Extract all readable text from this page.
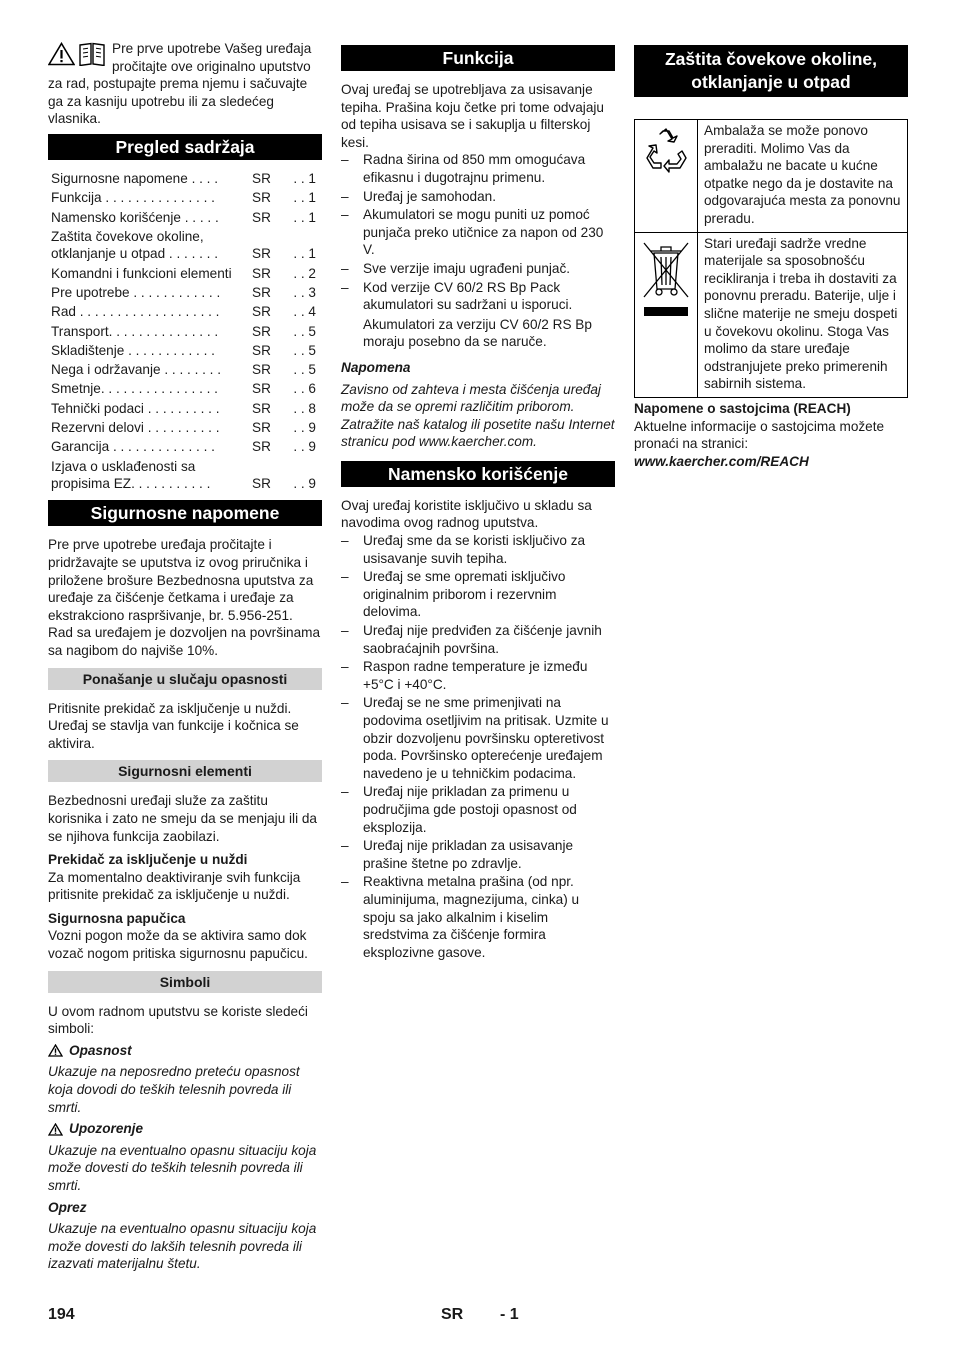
Pre prve upotrebe Vašeg uređaja pročitajte ove originalno uputstvo za rad, postupajte prema njemu i sačuvajte ga za kasniju upotrebu ili za sledećeg vlasnika.
Pregled sadržaja
Sigurnosne napomene . . . .	SR	. . 1
Funkcija . . . . . . . . . . . . . . .	SR	. . 1
Namensko korišćenje . . . . .	SR	. . 1
Zaštita čovekove okoline, otklanjanje u otpad . . . . . . .	SR	. . 1
Komandni i funkcioni elementi	SR	. . 2
Pre upotrebe . . . . . . . . . . . .	SR	. . 3
Rad . . . . . . . . . . . . . . . . . . .	SR	. . 4
Transport. . . . . . . . . . . . . . .	SR	. . 5
Skladištenje . . . . . . . . . . . .	SR	. . 5
Nega i održavanje . . . . . . . .	SR	. . 5
Smetnje. . . . . . . . . . . . . . . .	SR	. . 6
Tehnički podaci . . . . . . . . . .	SR	. . 8
Rezervni delovi . . . . . . . . . .	SR	. . 9
Garancija . . . . . . . . . . . . . .	SR	. . 9
Izjava o usklađenosti sa propisima EZ. . . . . . . . . . .	SR	. . 9
Sigurnosne napomene

Pre prve upotrebe uređaja pročitajte i pridržavajte se uputstva iz ovog priručnika i priložene brošure Bezbednosna uputstva za uređaje za čišćenje četkama i uređaje za ekstrakciono raspršivanje, br. 5.956-251.

Rad sa uređajem je dozvoljen na površinama sa nagibom do najviše 10%.

Ponašanje u slučaju opasnosti

Pritisnite prekidač za isključenje u nuždi. Uređaj se stavlja van funkcije i kočnica se aktivira.

Sigurnosni elementi

Bezbednosni uređaji služe za zaštitu korisnika i zato ne smeju da se menjaju ili da se njihova funkcija zaobilazi.

Prekidač za isključenje u nuždi

Za momentalno deaktiviranje svih funkcija pritisnite prekidač za isključenje u nuždi.

Sigurnosna papučica

Vozni pogon može da se aktivira samo dok vozač nogom pritiska sigurnosnu papučicu.

Simboli

U ovom radnom uputstvu se koriste sledeći simboli:

Opasnost

Ukazuje na neposredno preteću opasnost koja dovodi do teških telesnih povreda ili smrti.

Upozorenje

Ukazuje na eventualno opasnu situaciju koja može dovesti do teških telesnih povreda ili smrti.

Oprez

Ukazuje na eventualno opasnu situaciju koja može dovesti do lakših telesnih povreda ili izazvati materijalnu štetu.

Funkcija

Ovaj uređaj se upotrebljava za usisavanje tepiha. Prašina koju četke pri tome odvajaju od tepiha usisava se i sakuplja u filterskoj kesi.

– Radna širina od 850 mm omogućava efikasnu i dugotrajnu primenu.
– Uređaj je samohodan.
– Akumulatori se mogu puniti uz pomoć punjača preko utičnice za napon od 230 V.
– Sve verzije imaju ugrađeni punjač.
– Kod verzije CV 60/2 RS Bp Pack akumulatori su sadržani u isporuci.

Akumulatori za verziju CV 60/2 RS Bp moraju posebno da se naruče.

Napomena

Zavisno od zahteva i mesta čišćenja uređaj može da se opremi različitim priborom. Zatražite naš katalog ili posetite našu Internet stranicu pod www.kaercher.com.

Namensko korišćenje

Ovaj uređaj koristite isključivo u skladu sa navodima ovog radnog uputstva.

– Uređaj sme da se koristi isključivo za usisavanje suvih tepiha.
– Uređaj se sme opremati isključivo originalnim priborom i rezervnim delovima.
– Uređaj nije predviđen za čišćenje javnih saobraćajnih površina.
– Raspon radne temperature je između +5°C i +40°C.
– Uređaj se ne sme primenjivati na podovima osetljivim na pritisak. Uzmite u obzir dozvoljenu površinsku opteretivost poda. Površinsko opterećenje uređajem navedeno je u tehničkim podacima.
– Uređaj nije prikladan za primenu u područjima gde postoji opasnost od eksplozija.
– Uređaj nije prikladan za usisavanje prašine štetne po zdravlje.
– Reaktivna metalna prašina (od npr. aluminijuma, magnezijuma, cinka) u spoju sa jako alkalnim i kiselim sredstvima za čišćenje formira eksplozivne gasove.
Zaštita čovekove okoline, otklanjanje u otpad
	Ambalaža se može ponovo preraditi. Molimo Vas da ambalažu ne bacate u kućne otpatke nego da je dostavite na odgovarajuća mesta za ponovnu preradu.
	Stari uređaji sadrže vredne materijale sa sposobnošću recikliranja i treba ih dostaviti za ponovnu preradu. Baterije, ulje i slične materije ne smeju dospeti u čovekovu okolinu. Stoga Vas molimo da stare uređaje odstranjujete preko primerenih sabirnih sistema.

Napomene o sastojcima (REACH)

Aktuelne informacije o sastojcima možete pronaći na stranici:

www.kaercher.com/REACH

194	SR - 1
